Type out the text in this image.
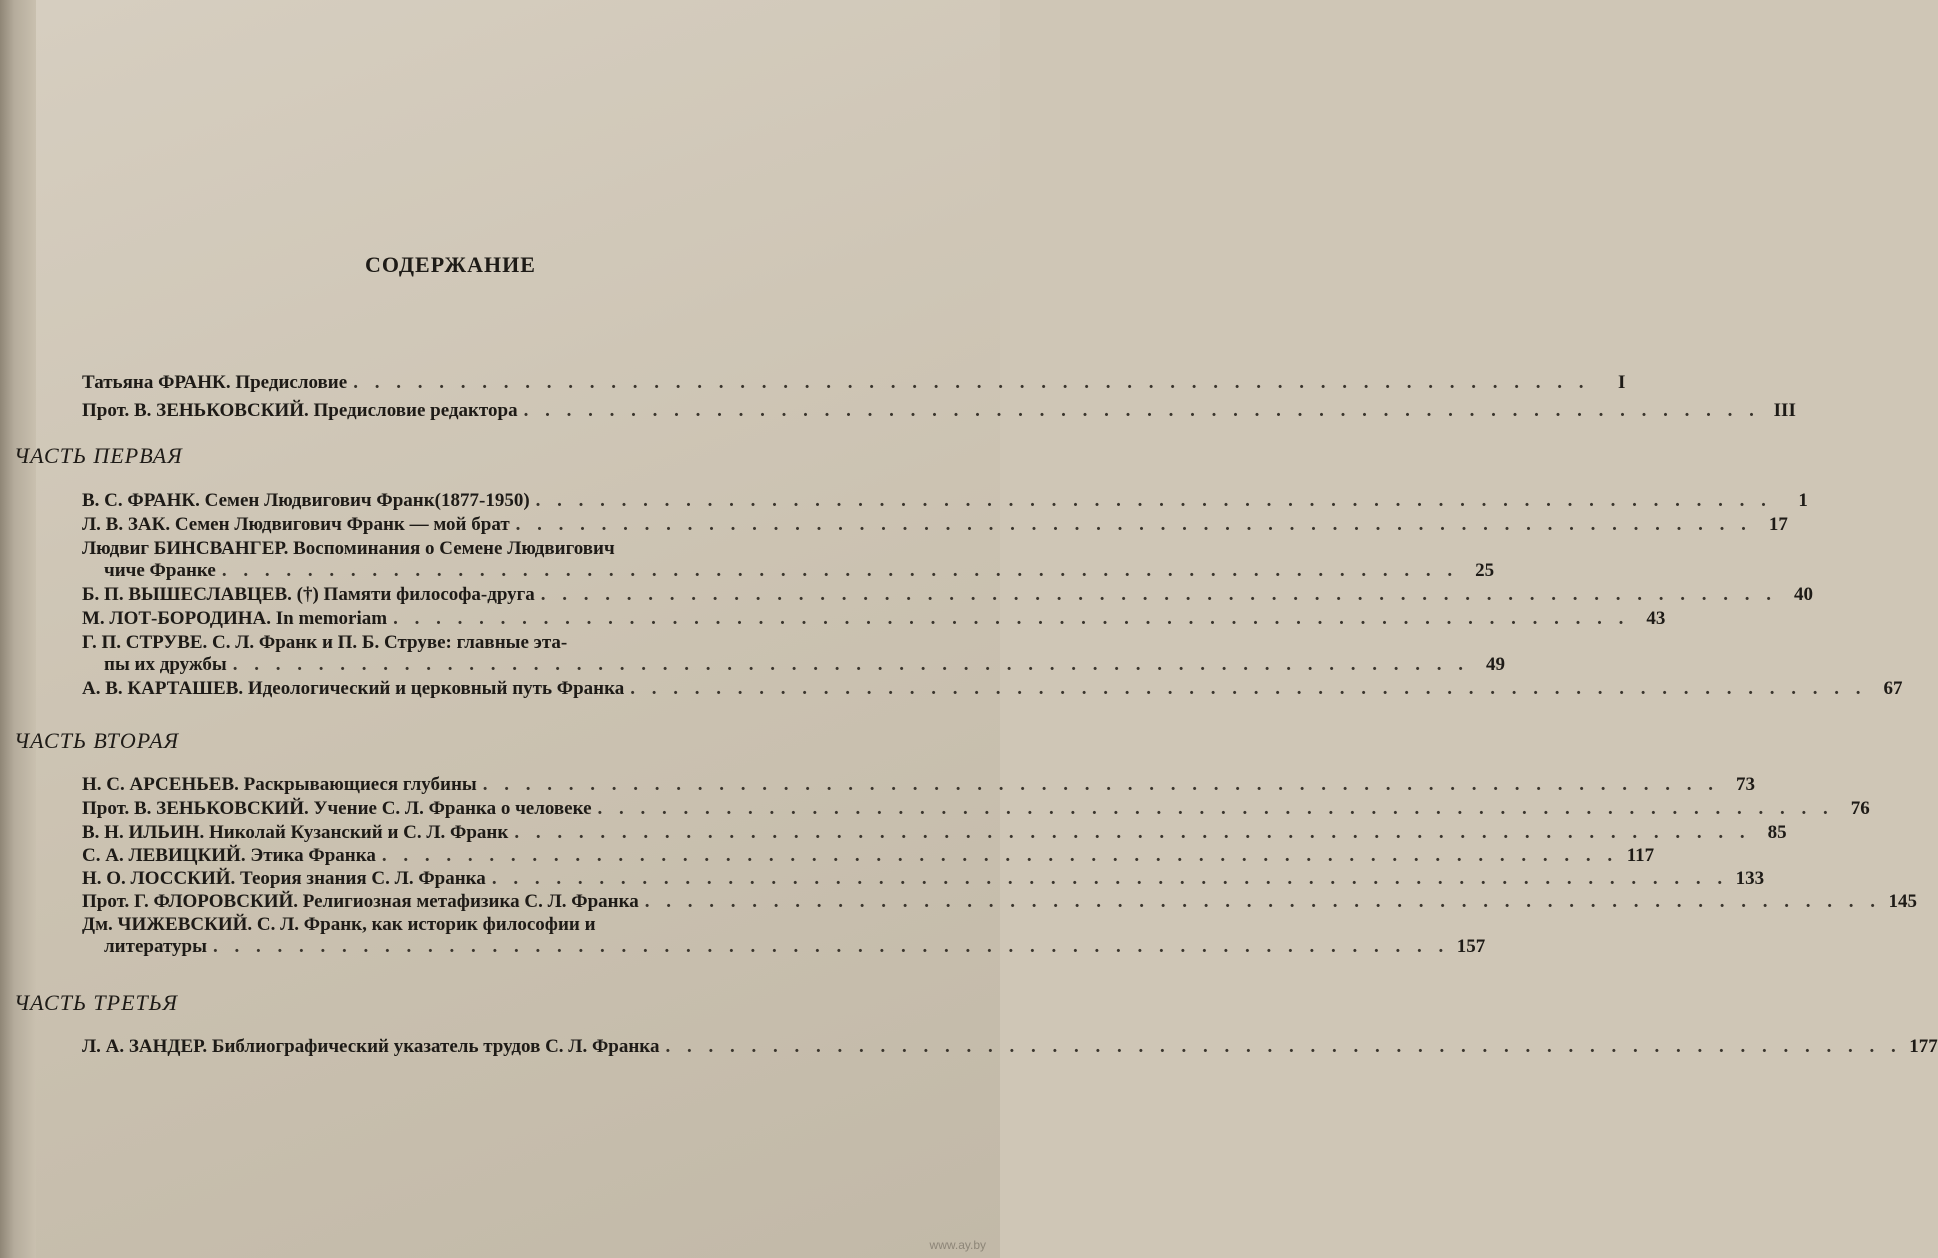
СОДЕРЖАНИЕ
Татьяна ФРАНК. Предисловие . . . . . . . . . . . . . . . . . . . . . . . . . . . . . . . . . . . . . . . . . . . . . . . . . . . . . . . . . .	I
Прот. В. ЗЕНЬКОВСКИЙ. Предисловие редактора . . . . . . . . . . . . . . . . . . . . . . . . . . . . . . . . . . . . . . . . . . . . . . . . . . . . . . . . . . III
ЧАСТЬ ПЕРВАЯ
В. С. ФРАНК. Семен Людвигович Франк(1877-1950) . . . . . . . . . . . . . . . . . . . . . . . . . . . . . . . . . . . . . . . . . . . . . . . . . . . . . . . . . .	1
Л. В. ЗАК. Семен Людвигович Франк — мой брат . . . . . . . . . . . . . . . . . . . . . . . . . . . . . . . . . . . . . . . . . . . . . . . . . . . . . . . . . . 17
Людвиг БИНСВАНГЕР. Воспоминания о Семене Людвигович
чиче Франке . . . . . . . . . . . . . . . . . . . . . . . . . . . . . . . . . . . . . . . . . . . . . . . . . . . . . . . . . . 25
Б. П. ВЫШЕСЛАВЦЕВ. (†) Памяти философа-друга . . . . . . . . . . . . . . . . . . . . . . . . . . . . . . . . . . . . . . . . . . . . . . . . . . . . . . . . . . 40
М. ЛОТ-БОРОДИНА. In memoriam . . . . . . . . . . . . . . . . . . . . . . . . . . . . . . . . . . . . . . . . . . . . . . . . . . . . . . . . . . 43
Г. П. СТРУВЕ. С. Л. Франк и П. Б. Струве: главные эта-
пы их дружбы . . . . . . . . . . . . . . . . . . . . . . . . . . . . . . . . . . . . . . . . . . . . . . . . . . . . . . . . . . 49
А. В. КАРТАШЕВ. Идеологический и церковный путь Франка . . . . . . . . . . . . . . . . . . . . . . . . . . . . . . . . . . . . . . . . . . . . . . . . . . . . . . . . . . 67
ЧАСТЬ ВТОРАЯ
Н. С. АРСЕНЬЕВ. Раскрывающиеся глубины . . . . . . . . . . . . . . . . . . . . . . . . . . . . . . . . . . . . . . . . . . . . . . . . . . . . . . . . . . 73
Прот. В. ЗЕНЬКОВСКИЙ. Учение С. Л. Франка о человеке . . . . . . . . . . . . . . . . . . . . . . . . . . . . . . . . . . . . . . . . . . . . . . . . . . . . . . . . . . 76
В. Н. ИЛЬИН. Николай Кузанский и С. Л. Франк . . . . . . . . . . . . . . . . . . . . . . . . . . . . . . . . . . . . . . . . . . . . . . . . . . . . . . . . . . 85
С. А. ЛЕВИЦКИЙ. Этика Франка . . . . . . . . . . . . . . . . . . . . . . . . . . . . . . . . . . . . . . . . . . . . . . . . . . . . . . . . . . 117
Н. О. ЛОССКИЙ. Теория знания С. Л. Франка . . . . . . . . . . . . . . . . . . . . . . . . . . . . . . . . . . . . . . . . . . . . . . . . . . . . . . . . . . 133
Прот. Г. ФЛОРОВСКИЙ. Религиозная метафизика С. Л. Франка . . . . . . . . . . . . . . . . . . . . . . . . . . . . . . . . . . . . . . . . . . . . . . . . . . . . . . . . . . 145
Дм. ЧИЖЕВСКИЙ. С. Л. Франк, как историк философии и
литературы . . . . . . . . . . . . . . . . . . . . . . . . . . . . . . . . . . . . . . . . . . . . . . . . . . . . . . . . . . 157
ЧАСТЬ ТРЕТЬЯ
Л. А. ЗАНДЕР. Библиографический указатель трудов С. Л. Франка . . . . . . . . . . . . . . . . . . . . . . . . . . . . . . . . . . . . . . . . . . . . . . . . . . . . . . . . . . 177
www.ay.by
